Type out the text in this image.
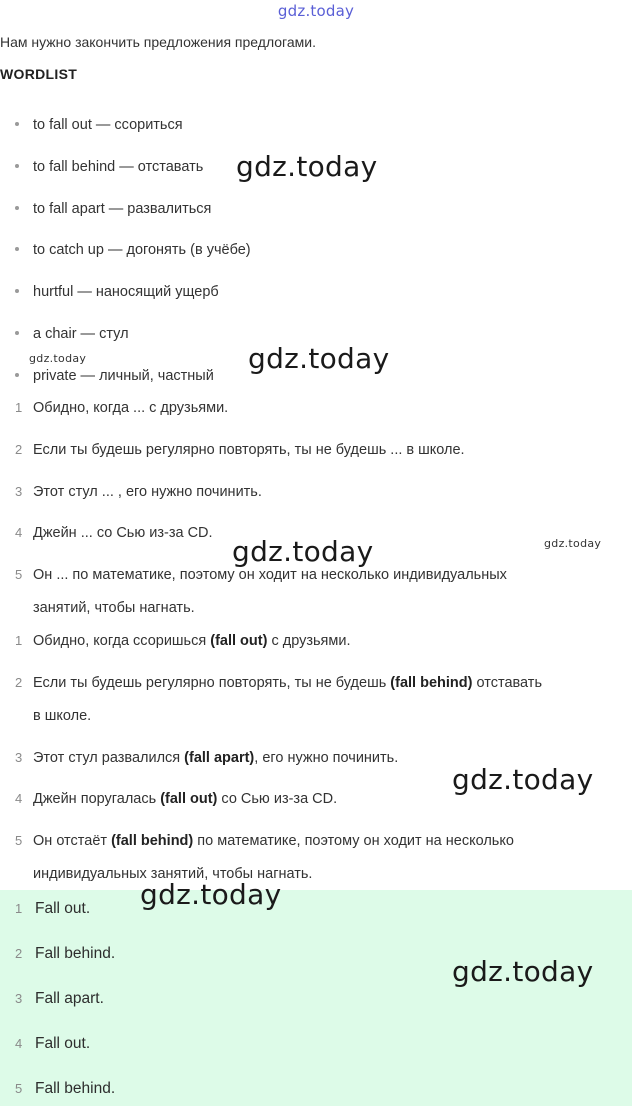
gdz.today
Нам нужно закончить предложения предлогами.
WORDLIST
to fall out — ссориться
to fall behind — отставать
to fall apart — развалиться
to catch up — догонять (в учёбе)
hurtful — наносящий ущерб
a chair — стул
private — личный, частный
1 Обидно, когда ... с друзьями.
2 Если ты будешь регулярно повторять, ты не будешь ... в школе.
3 Этот стул ... , его нужно починить.
4 Джейн ... со Сью из-за CD.
5 Он ... по математике, поэтому он ходит на несколько индивидуальных
занятий, чтобы нагнать.
1 Обидно, когда ссоришься (fall out) с друзьями.
2 Если ты будешь регулярно повторять, ты не будешь (fall behind) отставать
в школе.
3 Этот стул развалился (fall apart), его нужно починить.
4 Джейн поругалась (fall out) со Сью из-за CD.
5 Он отстаёт (fall behind) по математике, поэтому он ходит на несколько
индивидуальных занятий, чтобы нагнать.
1 Fall out.
2 Fall behind.
3 Fall apart.
4 Fall out.
5 Fall behind.
gdz.today
gdz.today	gdz.today
gdz.today	gdz.today
gdz.today
gdz.today
gdz.today
